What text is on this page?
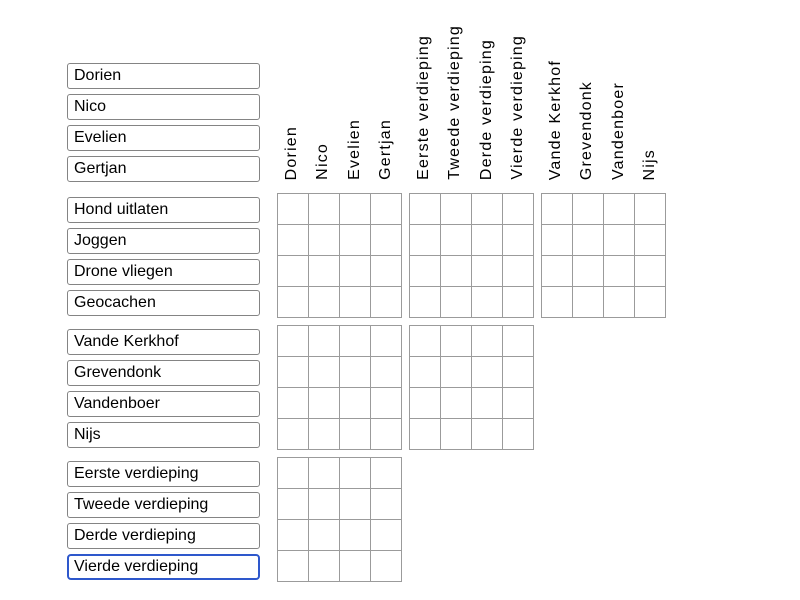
Dorien
Nico
Evelien
Gertjan	Dorien Nico Evelien Gertjan Eerste verdieping Tweede verdieping Derde verdieping Vierde verdieping Vande Kerkhof Grevendonk Vandenboer Nijs
Hond uitlaten
Joggen
Drone vliegen
Geocachen
Vande Kerkhof
Grevendonk
Vandenboer
Nijs
Eerste verdieping
Tweede verdieping
Derde verdieping
Vierde verdieping
